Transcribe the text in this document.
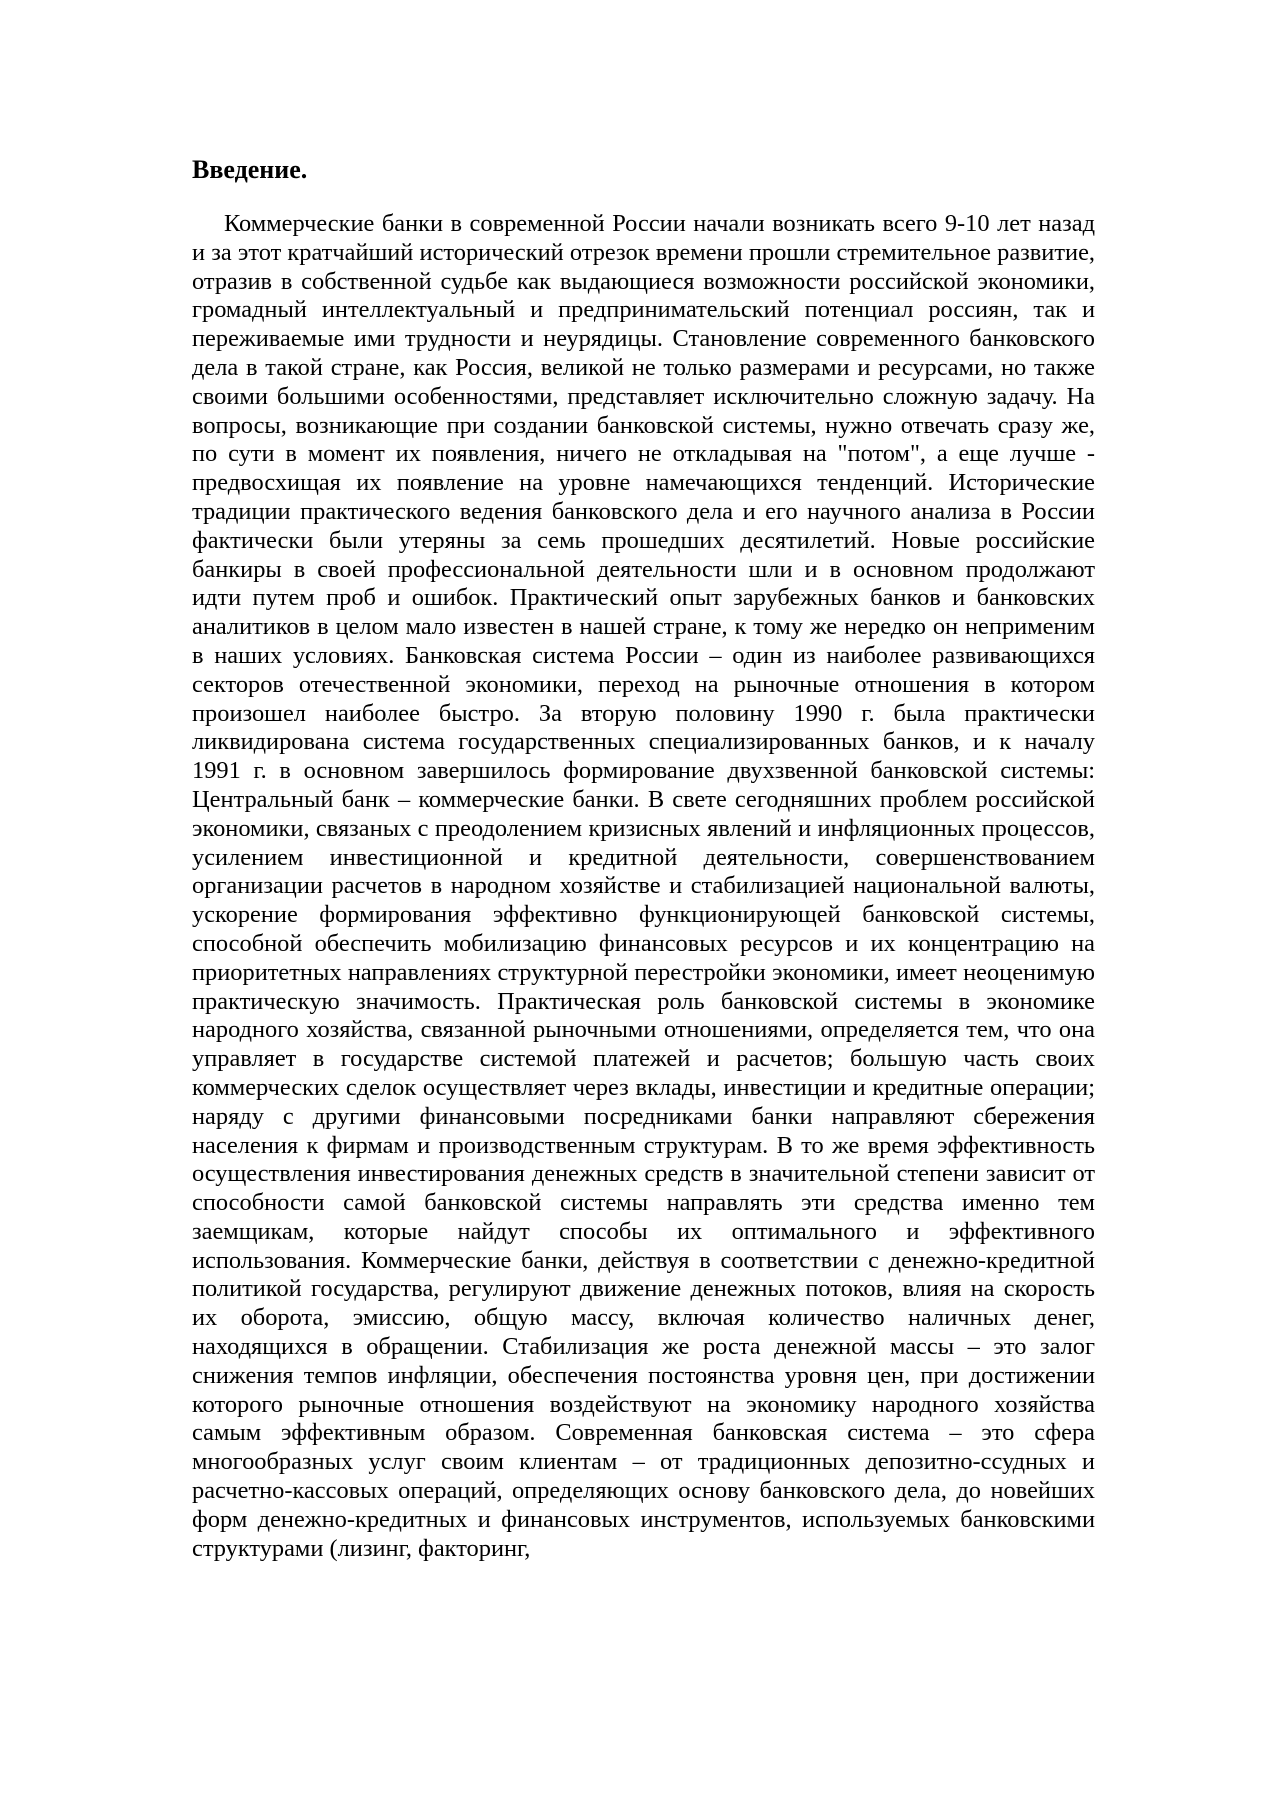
Введение.

Коммерческие банки в современной России начали возникать всего 9-10 лет назад и за этот кратчайший исторический отрезок времени прошли стремительное развитие, отразив в собственной судьбе как выдающиеся возможности российской экономики, громадный интеллектуальный и предпринимательский потенциал россиян, так и переживаемые ими трудности и неурядицы. Становление современного банковского дела в такой стране, как Россия, великой не только размерами и ресурсами, но также своими большими особенностями, представляет исключительно сложную задачу. На вопросы, возникающие при создании банковской системы, нужно отвечать сразу же, по сути в момент их появления, ничего не откладывая на "потом", а еще лучше - предвосхищая их появление на уровне намечающихся тенденций. Исторические традиции практического ведения банковского дела и его научного анализа в России фактически были утеряны за семь прошедших десятилетий. Новые российские банкиры в своей профессиональной деятельности шли и в основном продолжают идти путем проб и ошибок. Практический опыт зарубежных банков и банковских аналитиков в целом мало известен в нашей стране, к тому же нередко он неприменим в наших условиях. Банковская система России – один из наиболее развивающихся секторов отечественной экономики, переход на рыночные отношения в котором произошел наиболее быстро. За вторую половину 1990 г. была практически ликвидирована система государственных специализированных банков, и к началу 1991 г. в основном завершилось формирование двухзвенной банковской системы: Центральный банк – коммерческие банки. В свете сегодняшних проблем российской экономики, связаных с преодолением кризисных явлений и инфляционных процессов, усилением инвестиционной и кредитной деятельности, совершенствованием организации расчетов в народном хозяйстве и стабилизацией национальной валюты, ускорение формирования эффективно функционирующей банковской системы, способной обеспечить мобилизацию финансовых ресурсов и их концентрацию на приоритетных направлениях структурной перестройки экономики, имеет неоценимую практическую значимость. Практическая роль банковской системы в экономике народного хозяйства, связанной рыночными отношениями, определяется тем, что она управляет в государстве системой платежей и расчетов; большую часть своих коммерческих сделок осуществляет через вклады, инвестиции и кредитные операции; наряду с другими финансовыми посредниками банки направляют сбережения населения к фирмам и производственным структурам. В то же время эффективность осуществления инвестирования денежных средств в значительной степени зависит от способности самой банковской системы направлять эти средства именно тем заемщикам, которые найдут способы их оптимального и эффективного использования. Коммерческие банки, действуя в соответствии с денежно-кредитной политикой государства, регулируют движение денежных потоков, влияя на скорость их оборота, эмиссию, общую массу, включая количество наличных денег, находящихся в обращении. Стабилизация же роста денежной массы – это залог снижения темпов инфляции, обеспечения постоянства уровня цен, при достижении которого рыночные отношения воздействуют на экономику народного хозяйства самым эффективным образом. Современная банковская система – это сфера многообразных услуг своим клиентам – от традиционных депозитно-ссудных и расчетно-кассовых операций, определяющих основу банковского дела, до новейших форм денежно-кредитных и финансовых инструментов, используемых банковскими структурами (лизинг, факторинг,
